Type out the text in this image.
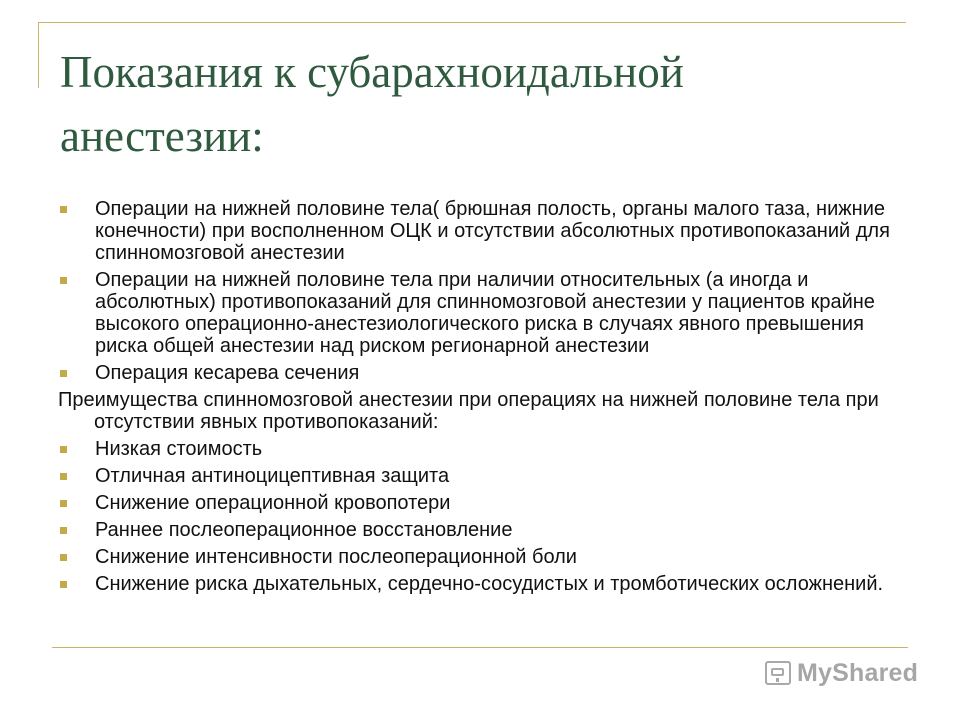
Показания к субарахноидальной анестезии:
Операции на нижней половине тела( брюшная полость, органы малого таза, нижние конечности) при восполненном ОЦК и отсутствии абсолютных противопоказаний для спинномозговой анестезии
Операции на нижней половине тела при наличии относительных (а иногда и абсолютных) противопоказаний для спинномозговой анестезии у пациентов крайне высокого операционно-анестезиологического риска в случаях явного превышения риска общей анестезии над риском регионарной анестезии
Операция кесарева сечения
Преимущества спинномозговой анестезии при операциях на нижней половине тела при отсутствии явных противопоказаний:
Низкая стоимость
Отличная антиноцицептивная защита
Снижение операционной кровопотери
Раннее послеоперационное восстановление
Снижение интенсивности послеоперационной боли
Снижение риска дыхательных, сердечно-сосудистых и тромботических осложнений.
MyShared
